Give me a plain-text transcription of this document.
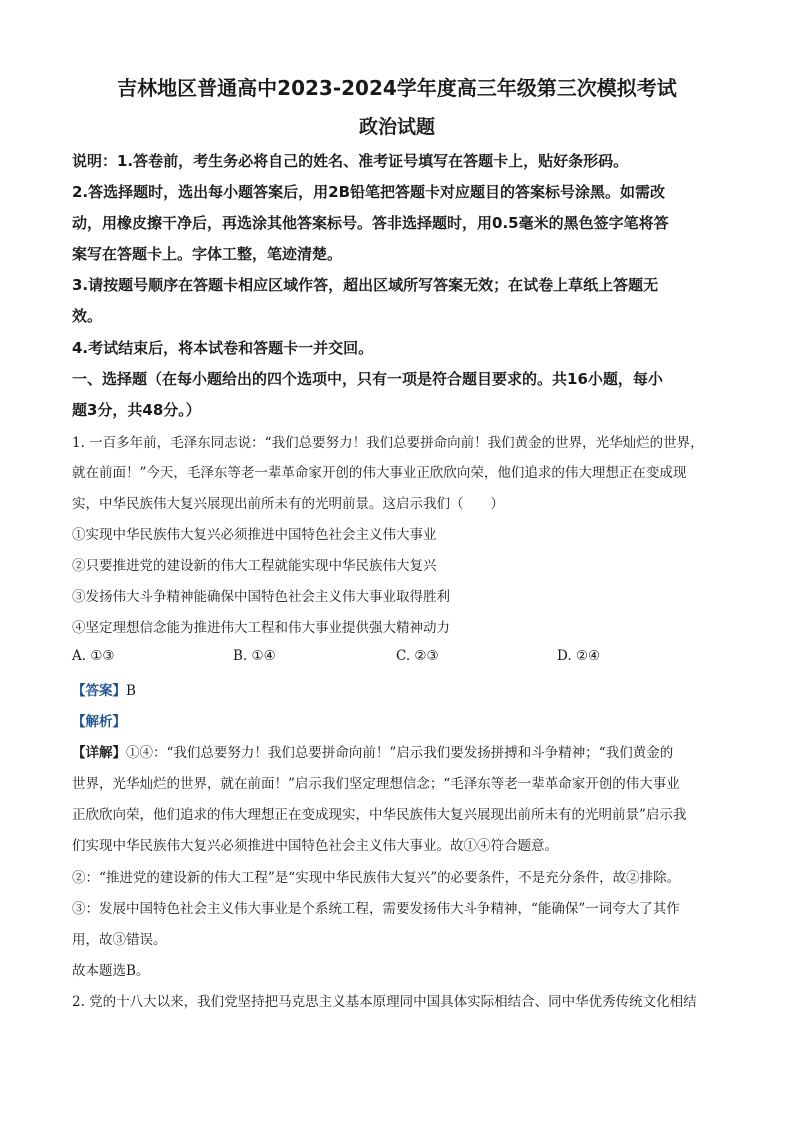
吉林地区普通高中2023-2024学年度高三年级第三次模拟考试
政治试题
说明：1.答卷前，考生务必将自己的姓名、准考证号填写在答题卡上，贴好条形码。
2.答选择题时，选出每小题答案后，用2B铅笔把答题卡对应题目的答案标号涂黑。如需改
动，用橡皮擦干净后，再选涂其他答案标号。答非选择题时，用0.5毫米的黑色签字笔将答
案写在答题卡上。字体工整，笔迹清楚。
3.请按题号顺序在答题卡相应区域作答，超出区域所写答案无效；在试卷上草纸上答题无
效。
4.考试结束后，将本试卷和答题卡一并交回。
一、选择题（在每小题给出的四个选项中，只有一项是符合题目要求的。共16小题，每小
题3分，共48分。）
1. 一百多年前，毛泽东同志说：“我们总要努力！我们总要拼命向前！我们黄金的世界，光华灿烂的世界，
就在前面！”今天，毛泽东等老一辈革命家开创的伟大事业正欣欣向荣，他们追求的伟大理想正在变成现
实，中华民族伟大复兴展现出前所未有的光明前景。这启示我们（　　）
①实现中华民族伟大复兴必须推进中国特色社会主义伟大事业
②只要推进党的建设新的伟大工程就能实现中华民族伟大复兴
③发扬伟大斗争精神能确保中国特色社会主义伟大事业取得胜利
④坚定理想信念能为推进伟大工程和伟大事业提供强大精神动力
A. ①③	B. ①④	C. ②③	D. ②④
【答案】B
【解析】
【详解】①④：“我们总要努力！我们总要拼命向前！”启示我们要发扬拼搏和斗争精神；“我们黄金的
世界，光华灿烂的世界，就在前面！”启示我们坚定理想信念；“毛泽东等老一辈革命家开创的伟大事业
正欣欣向荣，他们追求的伟大理想正在变成现实，中华民族伟大复兴展现出前所未有的光明前景”启示我
们实现中华民族伟大复兴必须推进中国特色社会主义伟大事业。故①④符合题意。
②：“推进党的建设新的伟大工程”是“实现中华民族伟大复兴”的必要条件，不是充分条件，故②排除。
③：发展中国特色社会主义伟大事业是个系统工程，需要发扬伟大斗争精神，“能确保”一词夸大了其作
用，故③错误。
故本题选B。
2. 党的十八大以来，我们党坚持把马克思主义基本原理同中国具体实际相结合、同中华优秀传统文化相结
